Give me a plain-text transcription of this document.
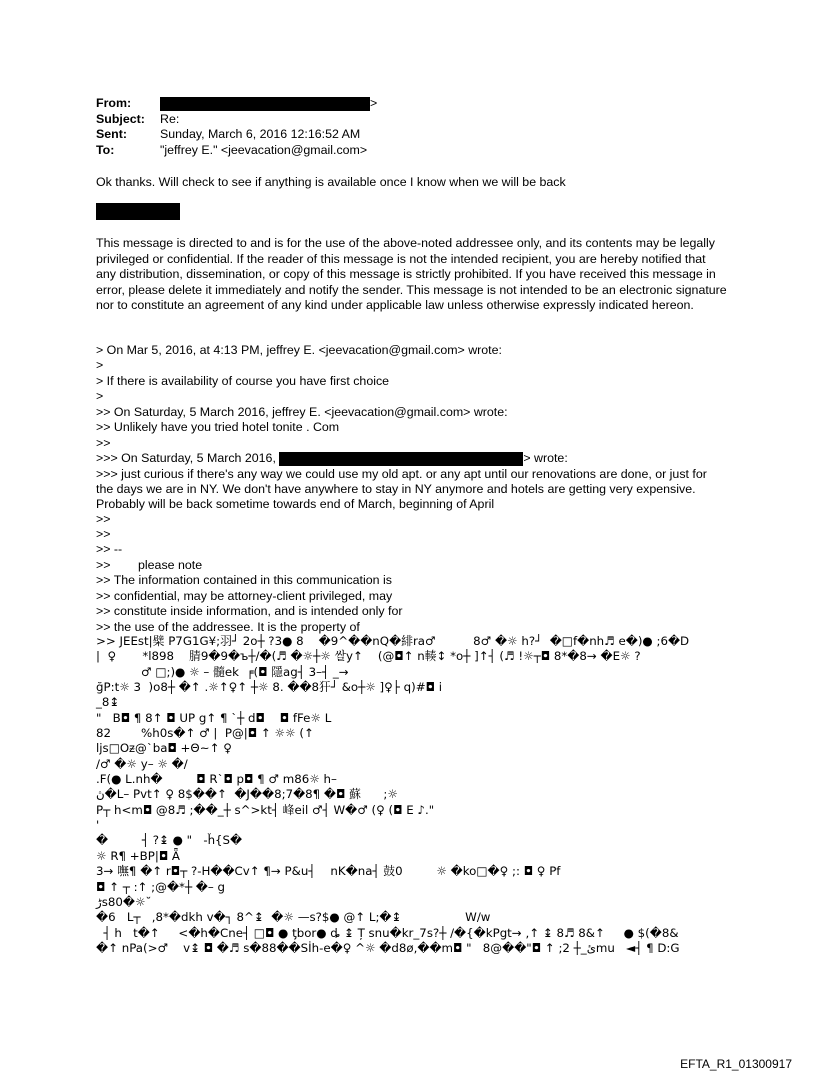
From:	>
Subject:	Re:
Sent:	Sunday, March 6, 2016 12:16:52 AM
To:	"jeffrey E." <jeevacation@gmail.com>
Ok thanks. Will check to see if anything is available once I know when we will be back
This message is directed to and is for the use of the above-noted addressee only, and its contents may be legally privileged or confidential. If the reader of this message is not the intended recipient, you are hereby notified that any distribution, dissemination, or copy of this message is strictly prohibited. If you have received this message in error, please delete it immediately and notify the sender. This message is not intended to be an electronic signature nor to constitute an agreement of any kind under applicable law unless otherwise expressly indicated hereon.
> On Mar 5, 2016, at 4:13 PM, jeffrey E. <jeevacation@gmail.com> wrote:
>
> If there is availability of course you have first choice
>
>> On Saturday, 5 March 2016, jeffrey E. <jeevacation@gmail.com> wrote:
>> Unlikely have you tried hotel tonite . Com
>>
>>> On Saturday, 5 March 2016,	> wrote:
>>> just curious if there's any way we could use my old apt. or any apt until our renovations are done, or just for the days we are in NY. We don't have anywhere to stay in NY anymore and hotels are getting very expensive. Probably will be back sometime towards end of March, beginning of April
>>
>>
>> --
>>        please note
>> The information contained in this communication is
>> confidential, may be attorney-client privileged, may
>> constitute inside information, and is intended only for
>> the use of the addressee. It is the property of
>> JEEst|檗 P7G1G¥;羽┘ 2o┼ ?3● 8    �9^��nQ�緋ra♂          8♂ �☼ h?┘  �□f�nh♬ e�)● ;6�D
|  ♀       *l898    腈9�9�ъ┼/�(♬ �☼┼☼ 쌀y↑    (@◘↑ n輳↕ *o┼ ]↑┤ (♬ !☼┬◘ 8*�8→ �E☼ ?
♂ □;)● ☼ – 髓ek  ╒(◘ 隱ag┤ 3–┤ _→
ğP:t☼ 3  )o8┼ �↑ .☼↑♀↑ ┼☼ 8. ��8犴┘ &o┼☼ ]♀├ q)#◘ i
_8↨
"   B◘ ¶ 8↑ ◘ UP g↑ ¶ `┼ d◘    ◘ fFe☼ L
82        %h0s�↑ ♂ |  P@|◘ ↑ ☼☼ (↑
ljs□Oᵶ@`ba◘ +Θ~↑ ♀
/♂ �☼ y– ☼ �/
.F(● L.nh�         ◘ R`◘ p◘ ¶ ♂ m86☼ h–
ڽ�L– Pvt↑ ♀ 8$��↑  �J��8;7�8¶ �◘ 蘇      ;☼
P┬ h<m◘ @8♬ ;��_┼ s^>kt┤ 峰eil ♂┤ W�♂ (♀ (◘ E ♪."
'
�         ┤ ?↨ ● "   -ȟ{S�
☼ R¶ +BP|◘ Ǟ
3→ 嘸¶ �↑ r◘┬ ?-H��Cv↑ ¶→ P&u┤    nK�na┤ 鼓0         ☼ �ko□�♀ ;: ◘ ♀ Pf
◘ ↑ ┬ :↑ ;@�*┼ �– g
ڑs80�☼˘
�6   L┬   ,8*�dkh v�┐ 8^↨  �☼ —s?$● @↑ L;�↨                 W/w
┤ h   t�↑     <�h�Cne┤ □◘ ● ƫbor● ȡ ↨ Ț snu�kr_7s?┼ /�{�kPgt→ ,↑ ↨ 8♬ 8&↑     ● $(�8&
�↑ nPa(>♂    v↨ ◘ �♬ s�88��Sİh-e�♀ ^☼ �d8ø,��m◘ "   8@��"◘ ↑ ;ئ_┼ 2mu   ◄┤ ¶ D:G
EFTA_R1_01300917
